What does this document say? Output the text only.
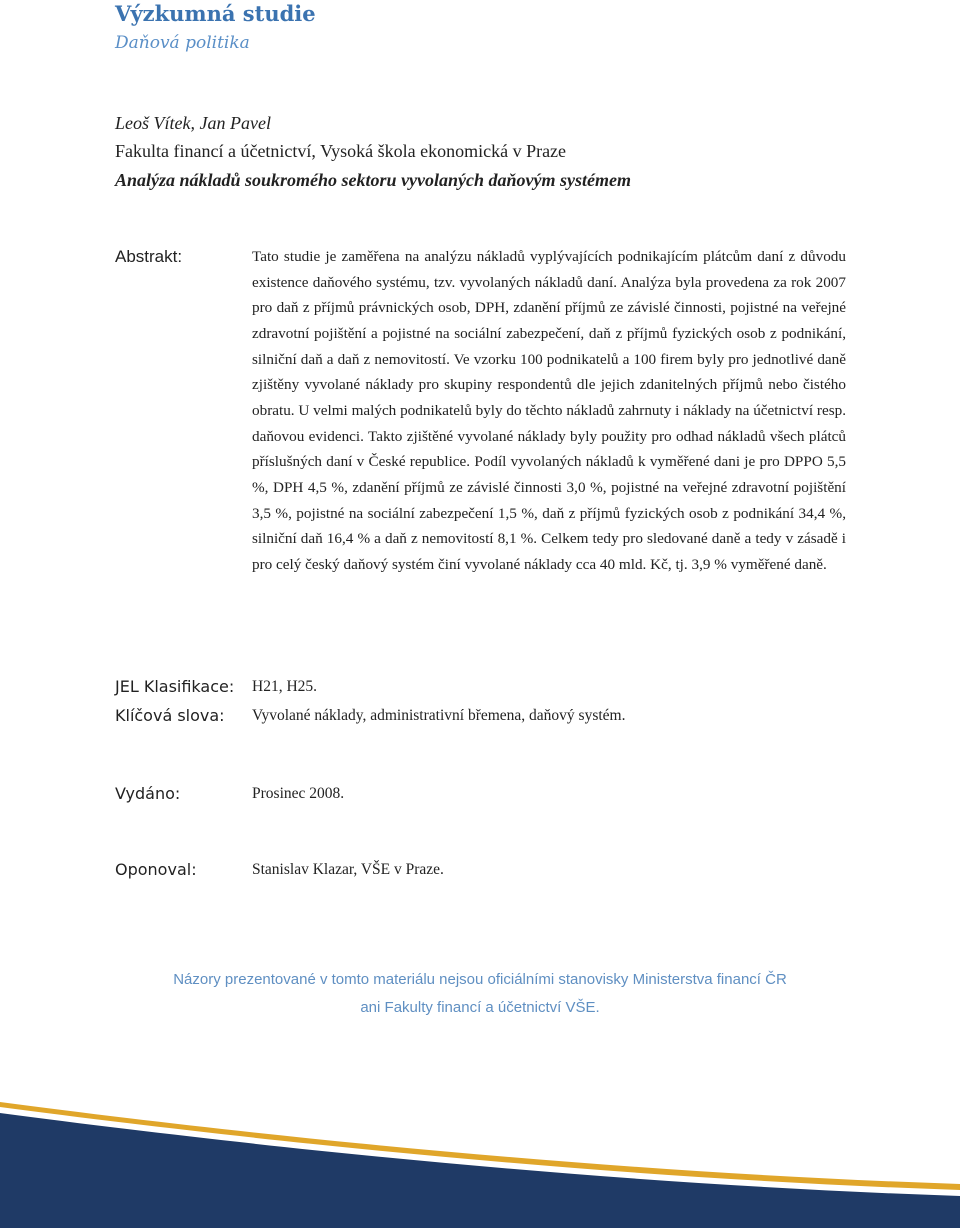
Výzkumná studie
Daňová politika
Leoš Vítek, Jan Pavel
Fakulta financí a účetnictví, Vysoká škola ekonomická v Praze
Analýza nákladů soukromého sektoru vyvolaných daňovým systémem
Abstrakt:	Tato studie je zaměřena na analýzu nákladů vyplývajících podnikajícím plátcům daní z důvodu existence daňového systému, tzv. vyvolaných nákladů daní. Analýza byla provedena za rok 2007 pro daň z příjmů právnických osob, DPH, zdanění příjmů ze závislé činnosti, pojistné na veřejné zdravotní pojištění a pojistné na sociální zabezpečení, daň z příjmů fyzických osob z podnikání, silniční daň a daň z nemovitostí. Ve vzorku 100 podnikatelů a 100 firem byly pro jednotlivé daně zjištěny vyvolané náklady pro skupiny respondentů dle jejich zdanitelných příjmů nebo čistého obratu. U velmi malých podnikatelů byly do těchto nákladů zahrnuty i náklady na účetnictví resp. daňovou evidenci. Takto zjištěné vyvolané náklady byly použity pro odhad nákladů všech plátců příslušných daní v České republice. Podíl vyvolaných nákladů k vyměřené dani je pro DPPO 5,5 %, DPH 4,5 %, zdanění příjmů ze závislé činnosti 3,0 %, pojistné na veřejné zdravotní pojištění 3,5 %, pojistné na sociální zabezpečení 1,5 %, daň z příjmů fyzických osob z podnikání 34,4 %, silniční daň 16,4 % a daň z nemovitostí 8,1 %. Celkem tedy pro sledované daně a tedy v zásadě i pro celý český daňový systém činí vyvolané náklady cca 40 mld. Kč, tj. 3,9 % vyměřené daně.
JEL Klasifikace: H21, H25.
Klíčová slova: Vyvolané náklady, administrativní břemena, daňový systém.
Vydáno:	Prosinec 2008.
Oponoval:	Stanislav Klazar, VŠE v Praze.
Názory prezentované v tomto materiálu nejsou oficiálními stanovisky Ministerstva financí ČR
ani Fakulty financí a účetnictví VŠE.
